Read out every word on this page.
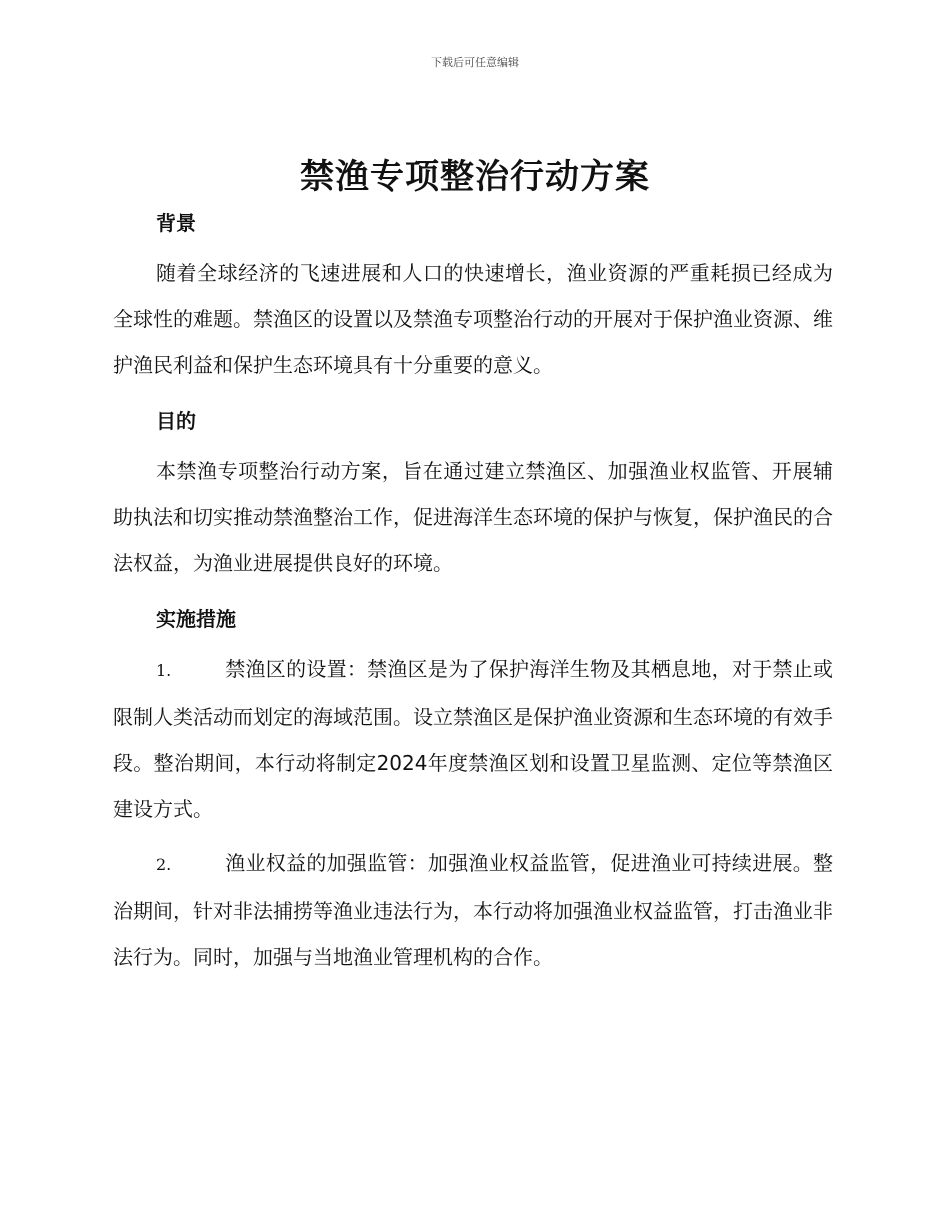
下载后可任意编辑
禁渔专项整治行动方案
背景

随着全球经济的飞速进展和人口的快速增长，渔业资源的严重耗损已经成为全球性的难题。禁渔区的设置以及禁渔专项整治行动的开展对于保护渔业资源、维护渔民利益和保护生态环境具有十分重要的意义。

目的

本禁渔专项整治行动方案，旨在通过建立禁渔区、加强渔业权监管、开展辅助执法和切实推动禁渔整治工作，促进海洋生态环境的保护与恢复，保护渔民的合法权益，为渔业进展提供良好的环境。

实施措施

1.	禁渔区的设置：禁渔区是为了保护海洋生物及其栖息地，对于禁止或限制人类活动而划定的海域范围。设立禁渔区是保护渔业资源和生态环境的有效手段。整治期间，本行动将制定2024年度禁渔区划和设置卫星监测、定位等禁渔区建设方式。

2.	渔业权益的加强监管：加强渔业权益监管，促进渔业可持续进展。整治期间，针对非法捕捞等渔业违法行为，本行动将加强渔业权益监管，打击渔业非法行为。同时，加强与当地渔业管理机构的合作。
